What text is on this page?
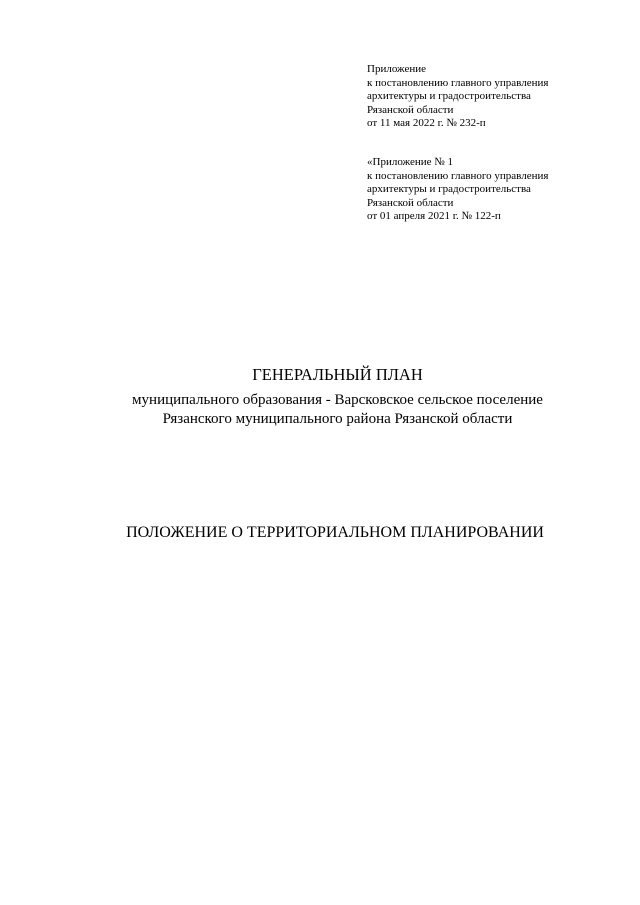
Приложение
к постановлению главного управления
архитектуры и градостроительства
Рязанской области
от 11 мая 2022 г. № 232-п
«Приложение № 1
к постановлению главного управления
архитектуры и градостроительства
Рязанской области
от 01 апреля 2021 г. № 122-п
ГЕНЕРАЛЬНЫЙ ПЛАН
муниципального образования - Варсковское сельское поселение
Рязанского муниципального района Рязанской области
ПОЛОЖЕНИЕ О ТЕРРИТОРИАЛЬНОМ ПЛАНИРОВАНИИ
